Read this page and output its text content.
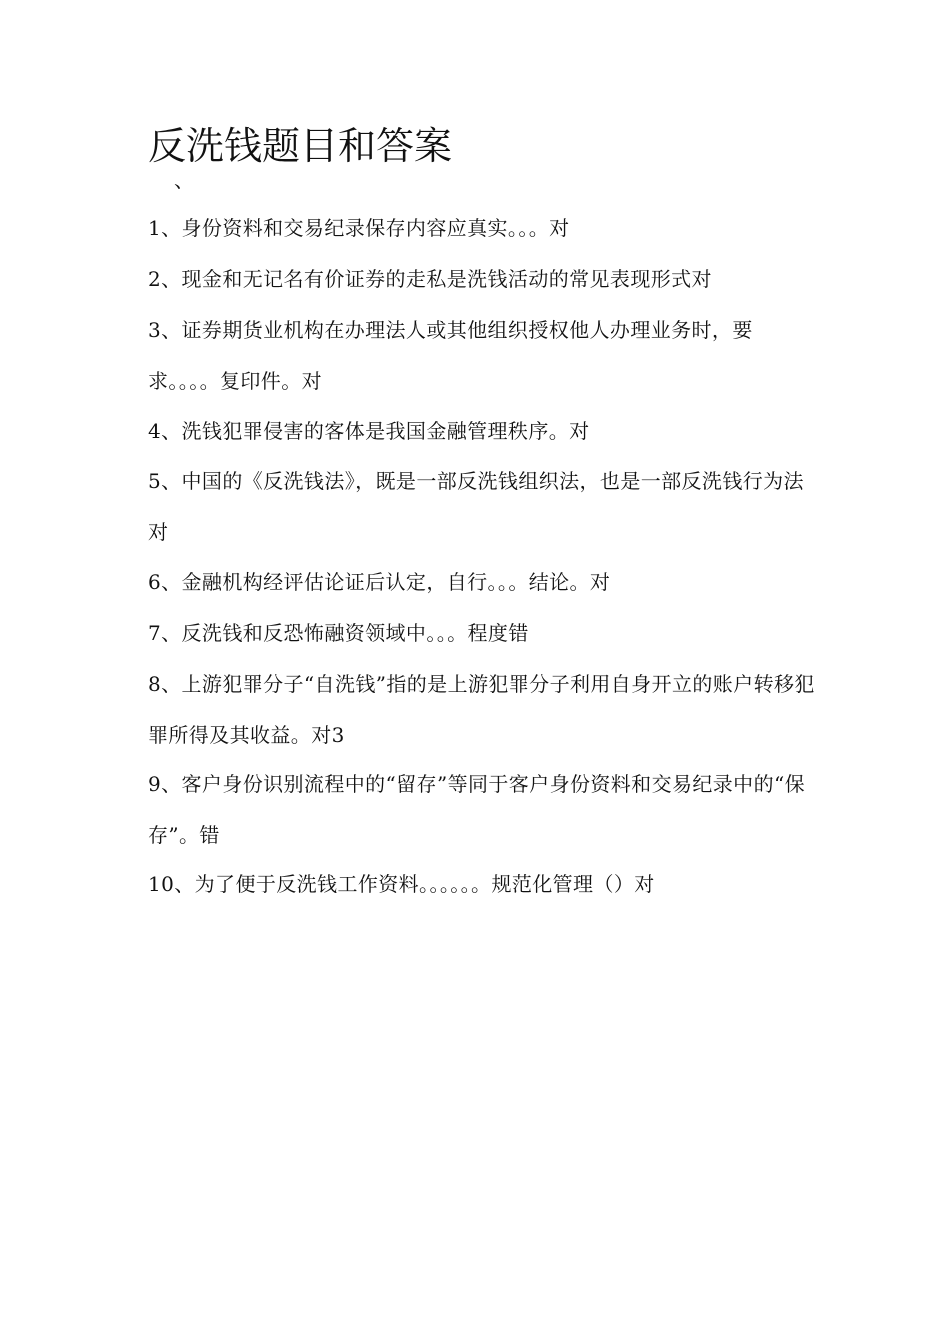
反洗钱题目和答案
、

1、身份资料和交易纪录保存内容应真实。。。对

2、现金和无记名有价证券的走私是洗钱活动的常见表现形式对

3、证券期货业机构在办理法人或其他组织授权他人办理业务时，要求。。。。复印件。对

4、洗钱犯罪侵害的客体是我国金融管理秩序。对

5、中国的《反洗钱法》，既是一部反洗钱组织法，也是一部反洗钱行为法对

6、金融机构经评估论证后认定，自行。。。结论。对

7、反洗钱和反恐怖融资领域中。。。程度错

8、上游犯罪分子“自洗钱”指的是上游犯罪分子利用自身开立的账户转移犯罪所得及其收益。对3

9、客户身份识别流程中的“留存”等同于客户身份资料和交易纪录中的“保存”。错

10、为了便于反洗钱工作资料。。。。。。规范化管理（）对
